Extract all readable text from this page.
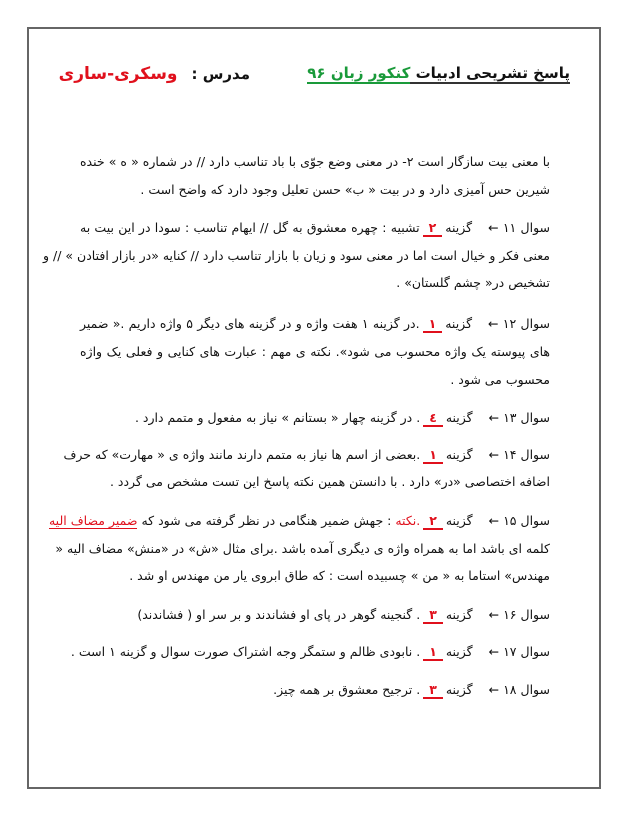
پاسخ تشریحی ادبیات کنکور زبان ۹۶
مدرس :وسکری-ساری
با معنی بیت سازگار است ۲- در معنی وضع جوّی با باد تناسب دارد // در شماره « ه » خنده
شیرین حس آمیزی دارد و در بیت « ب» حسن تعلیل وجود دارد که واضح است .
سوال ۱۱ ←گزینه۲تشبیه : چهره معشوق به گل // ایهام تناسب : سودا در این بیت به
معنی فکر و خیال است اما در معنی سود و زیان با بازار تناسب دارد // کنایه «در بازار افتادن » // و
تشخیص در« چشم گلستان» .
سوال ۱۲ ←گزینه۱.در گزینه ۱ هفت واژه و در گزینه های دیگر ۵ واژه داریم .« ضمیر
های پیوسته یک واژه محسوب می شود». نکته ی مهم : عبارت های کنایی و فعلی یک واژه
محسوب می شود .
سوال ۱۳ ←گزینه٤. در گزینه چهار « بستانم » نیاز به مفعول و متمم دارد .
سوال ۱۴ ←گزینه۱.بعضی از اسم ها نیاز به متمم دارند مانند واژه ی « مهارت» که حرف
اضافه اختصاصی «در» دارد . با دانستن همین نکته پاسخ این تست مشخص می گردد .
سوال ۱۵ ←گزینه۲.نکته : جهش ضمیر هنگامی در نظر گرفته می شود که ضمیر مضاف الیه
کلمه ای باشد اما به همراه واژه ی دیگری آمده باشد .برای مثال «ش» در «منش» مضاف الیه «
مهندس» استاما به « من » چسبیده است : که طاق ابروی یار من مهندس او شد .
سوال ۱۶ ←گزینه۳. گنجینه گوهر در پای او فشاندند و بر سر او ( فشاندند)
سوال ۱۷ ←گزینه۱. نابودی ظالم و ستمگر وجه اشتراک صورت سوال و گزینه ۱ است .
سوال ۱۸ ←گزینه۳. ترجیح معشوق بر همه چیز.
